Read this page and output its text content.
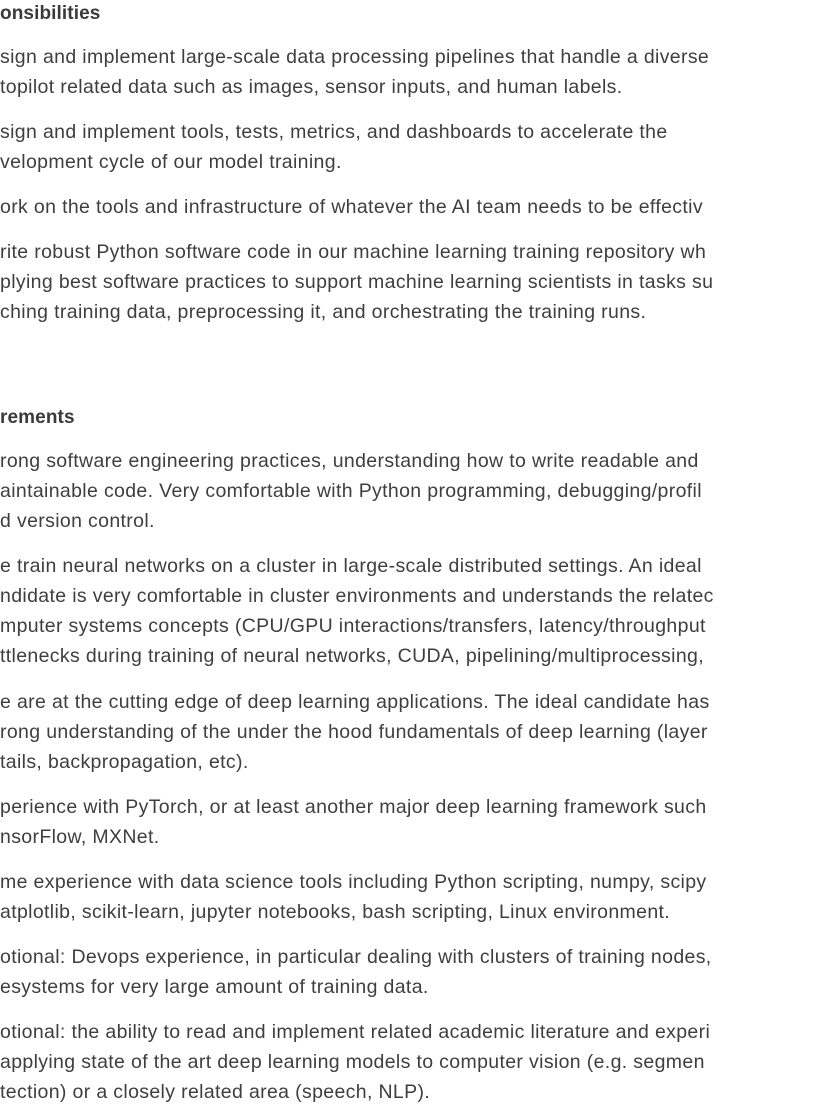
onsibilities
sign and implement large-scale data processing pipelines that handle a diverse
topilot related data such as images, sensor inputs, and human labels.
sign and implement tools, tests, metrics, and dashboards to accelerate the
velopment cycle of our model training.
ork on the tools and infrastructure of whatever the AI team needs to be effectiv
rite robust Python software code in our machine learning training repository wh
plying best software practices to support machine learning scientists in tasks su
ching training data, preprocessing it, and orchestrating the training runs.
rements
rong software engineering practices, understanding how to write readable and
aintainable code. Very comfortable with Python programming, debugging/profil
d version control.
e train neural networks on a cluster in large-scale distributed settings. An ideal
ndidate is very comfortable in cluster environments and understands the relatec
mputer systems concepts (CPU/GPU interactions/transfers, latency/throughput
ttlenecks during training of neural networks, CUDA, pipelining/multiprocessing,
e are at the cutting edge of deep learning applications. The ideal candidate has
rong understanding of the under the hood fundamentals of deep learning (layer
tails, backpropagation, etc).
perience with PyTorch, or at least another major deep learning framework such
nsorFlow, MXNet.
me experience with data science tools including Python scripting, numpy, scipy
atplotlib, scikit-learn, jupyter notebooks, bash scripting, Linux environment.
otional: Devops experience, in particular dealing with clusters of training nodes,
esystems for very large amount of training data.
otional: the ability to read and implement related academic literature and experi
applying state of the art deep learning models to computer vision (e.g. segmen
tection) or a closely related area (speech, NLP).
